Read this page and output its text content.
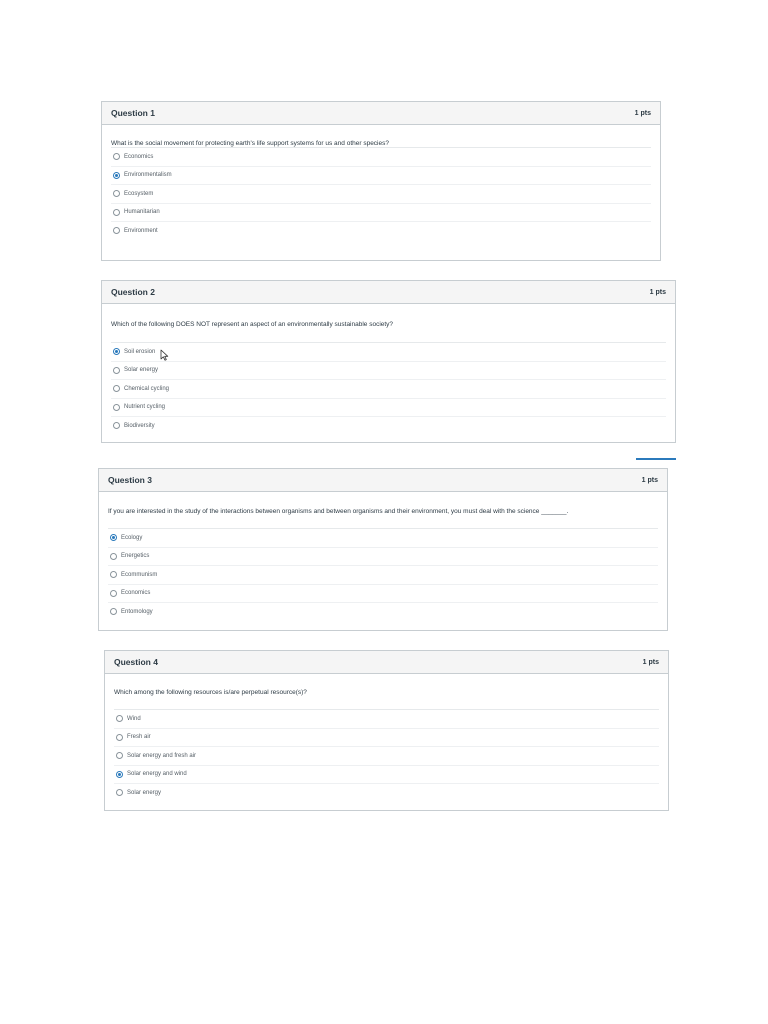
Question 1	1 pts
What is the social movement for protecting earth's life support systems for us and other species?
Economics
Environmentalism
Ecosystem
Humanitarian
Environment
Question 2	1 pts
Which of the following DOES NOT represent an aspect of an environmentally sustainable society?
Soil erosion
Solar energy
Chemical cycling
Nutrient cycling
Biodiversity
Question 3	1 pts
If you are interested in the study of the interactions between organisms and between organisms and their environment, you must deal with the science _______.
Ecology
Energetics
Ecommunism
Economics
Entomology
Question 4	1 pts
Which among the following resources is/are perpetual resource(s)?
Wind
Fresh air
Solar energy and fresh air
Solar energy and wind
Solar energy
